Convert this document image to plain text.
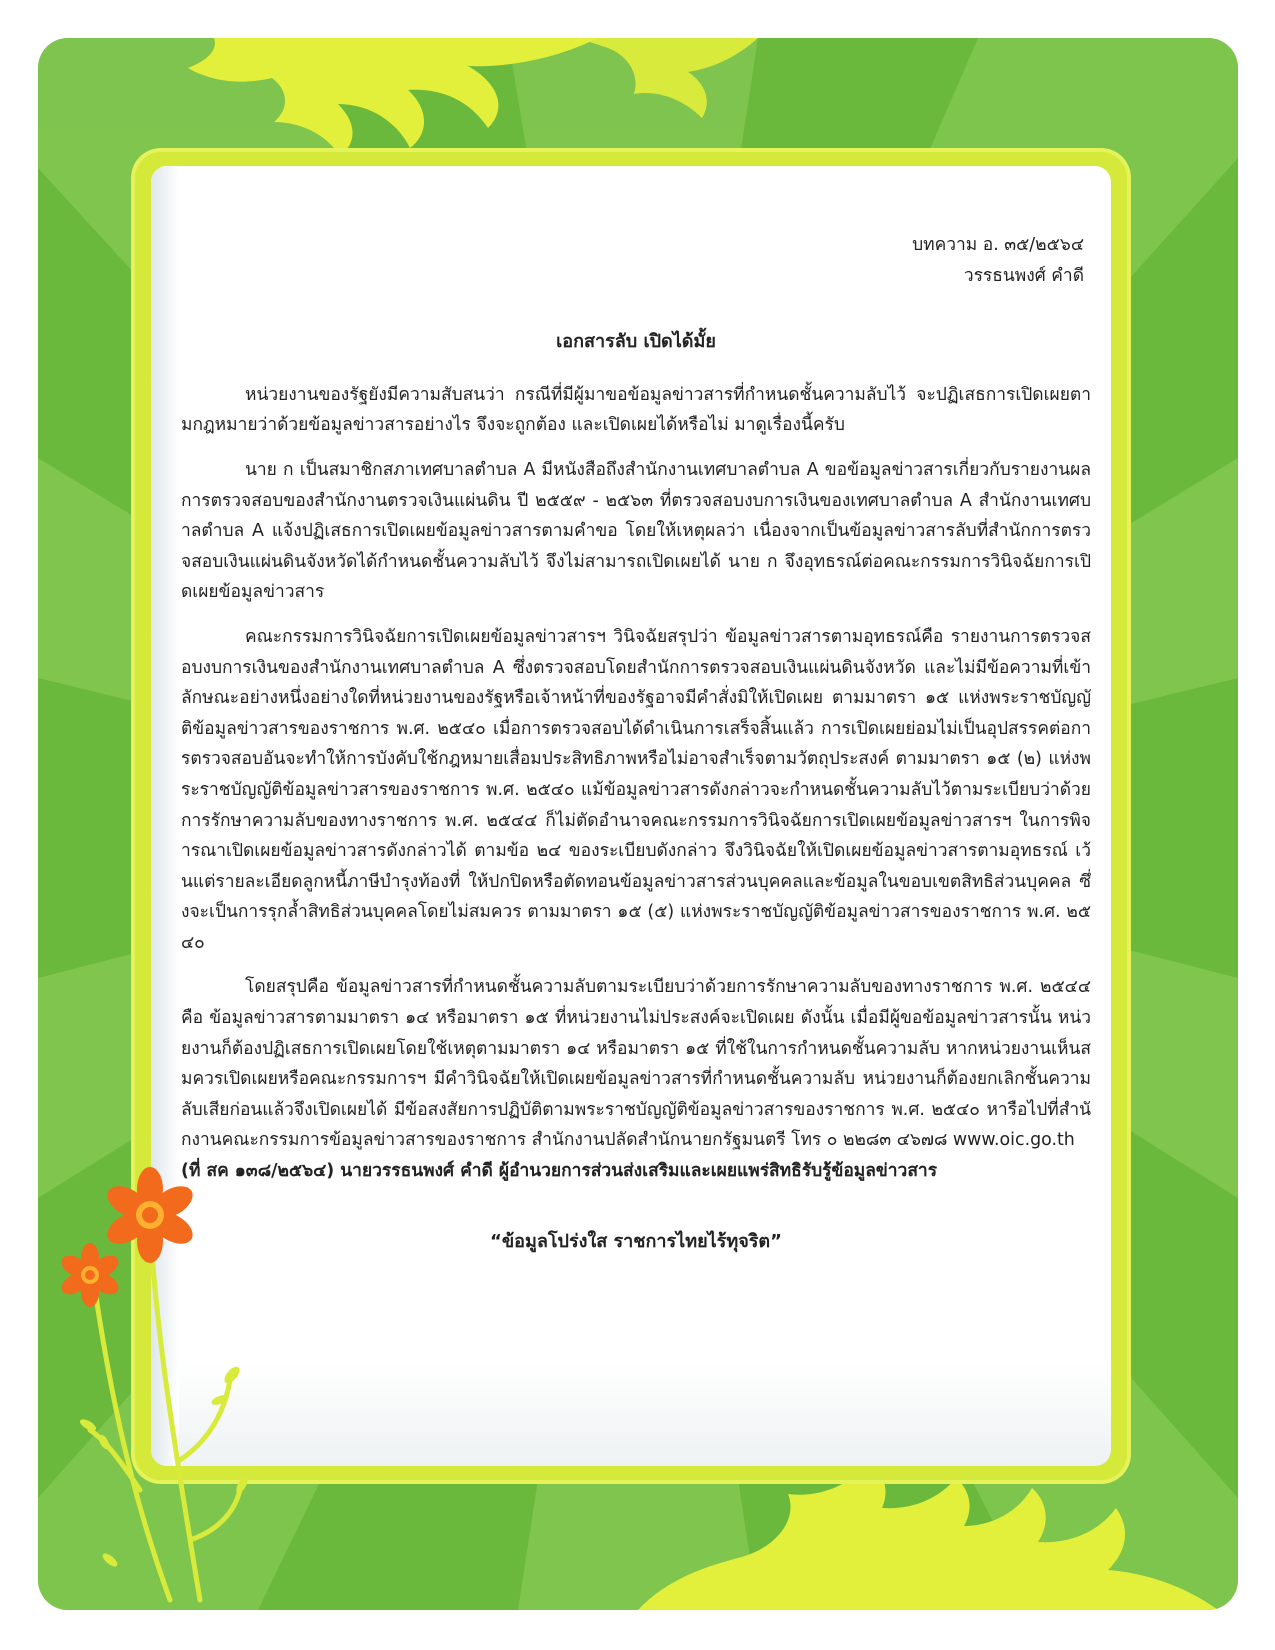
บทความ อ. ๓๕/๒๕๖๔
วรรธนพงศ์ คำดี
เอกสารลับ เปิดได้มั้ย

หน่วยงานของรัฐยังมีความสับสนว่า กรณีที่มีผู้มาขอข้อมูลข่าวสารที่กำหนดชั้นความลับไว้ จะปฏิเสธการเปิดเผยตามกฎหมายว่าด้วยข้อมูลข่าวสารอย่างไร จึงจะถูกต้อง และเปิดเผยได้หรือไม่ มาดูเรื่องนี้ครับ

นาย ก เป็นสมาชิกสภาเทศบาลตำบล A มีหนังสือถึงสำนักงานเทศบาลตำบล A ขอข้อมูลข่าวสารเกี่ยวกับรายงานผลการตรวจสอบของสำนักงานตรวจเงินแผ่นดิน ปี ๒๕๕๙ - ๒๕๖๓ ที่ตรวจสอบงบการเงินของเทศบาลตำบล A สำนักงานเทศบาลตำบล A แจ้งปฏิเสธการเปิดเผยข้อมูลข่าวสารตามคำขอ โดยให้เหตุผลว่า เนื่องจากเป็นข้อมูลข่าวสารลับที่สำนักการตรวจสอบเงินแผ่นดินจังหวัดได้กำหนดชั้นความลับไว้ จึงไม่สามารถเปิดเผยได้ นาย ก จึงอุทธรณ์ต่อคณะกรรมการวินิจฉัยการเปิดเผยข้อมูลข่าวสาร

คณะกรรมการวินิจฉัยการเปิดเผยข้อมูลข่าวสารฯ วินิจฉัยสรุปว่า ข้อมูลข่าวสารตามอุทธรณ์คือ รายงานการตรวจสอบงบการเงินของสำนักงานเทศบาลตำบล A ซึ่งตรวจสอบโดยสำนักการตรวจสอบเงินแผ่นดินจังหวัด และไม่มีข้อความที่เข้าลักษณะอย่างหนึ่งอย่างใดที่หน่วยงานของรัฐหรือเจ้าหน้าที่ของรัฐอาจมีคำสั่งมิให้เปิดเผย ตามมาตรา ๑๕ แห่งพระราชบัญญัติข้อมูลข่าวสารของราชการ พ.ศ. ๒๕๔๐ เมื่อการตรวจสอบได้ดำเนินการเสร็จสิ้นแล้ว การเปิดเผยย่อมไม่เป็นอุปสรรคต่อการตรวจสอบอันจะทำให้การบังคับใช้กฎหมายเสื่อมประสิทธิภาพหรือไม่อาจสำเร็จตามวัตถุประสงค์ ตามมาตรา ๑๕ (๒) แห่งพระราชบัญญัติข้อมูลข่าวสารของราชการ พ.ศ. ๒๕๔๐ แม้ข้อมูลข่าวสารดังกล่าวจะกำหนดชั้นความลับไว้ตามระเบียบว่าด้วยการรักษาความลับของทางราชการ พ.ศ. ๒๕๔๔ ก็ไม่ตัดอำนาจคณะกรรมการวินิจฉัยการเปิดเผยข้อมูลข่าวสารฯ ในการพิจารณาเปิดเผยข้อมูลข่าวสารดังกล่าวได้ ตามข้อ ๒๔ ของระเบียบดังกล่าว จึงวินิจฉัยให้เปิดเผยข้อมูลข่าวสารตามอุทธรณ์ เว้นแต่รายละเอียดลูกหนี้ภาษีบำรุงท้องที่ ให้ปกปิดหรือตัดทอนข้อมูลข่าวสารส่วนบุคคลและข้อมูลในขอบเขตสิทธิส่วนบุคคล ซึ่งจะเป็นการรุกล้ำสิทธิส่วนบุคคลโดยไม่สมควร ตามมาตรา ๑๕ (๕) แห่งพระราชบัญญัติข้อมูลข่าวสารของราชการ พ.ศ. ๒๕๔๐

โดยสรุปคือ ข้อมูลข่าวสารที่กำหนดชั้นความลับตามระเบียบว่าด้วยการรักษาความลับของทางราชการ พ.ศ. ๒๕๔๔ คือ ข้อมูลข่าวสารตามมาตรา ๑๔ หรือมาตรา ๑๕ ที่หน่วยงานไม่ประสงค์จะเปิดเผย ดังนั้น เมื่อมีผู้ขอข้อมูลข่าวสารนั้น หน่วยงานก็ต้องปฏิเสธการเปิดเผยโดยใช้เหตุตามมาตรา ๑๔ หรือมาตรา ๑๕ ที่ใช้ในการกำหนดชั้นความลับ หากหน่วยงานเห็นสมควรเปิดเผยหรือคณะกรรมการฯ มีคำวินิจฉัยให้เปิดเผยข้อมูลข่าวสารที่กำหนดชั้นความลับ หน่วยงานก็ต้องยกเลิกชั้นความลับเสียก่อนแล้วจึงเปิดเผยได้ มีข้อสงสัยการปฏิบัติตามพระราชบัญญัติข้อมูลข่าวสารของราชการ พ.ศ. ๒๕๔๐ หารือไปที่สำนักงานคณะกรรมการข้อมูลข่าวสารของราชการ สำนักงานปลัดสำนักนายกรัฐมนตรี โทร ๐ ๒๒๘๓ ๔๖๗๘ www.oic.go.th

(ที่ สค ๑๓๘/๒๕๖๔) นายวรรธนพงศ์ คำดี ผู้อำนวยการส่วนส่งเสริมและเผยแพร่สิทธิรับรู้ข้อมูลข่าวสาร
“ข้อมูลโปร่งใส ราชการไทยไร้ทุจริต”
